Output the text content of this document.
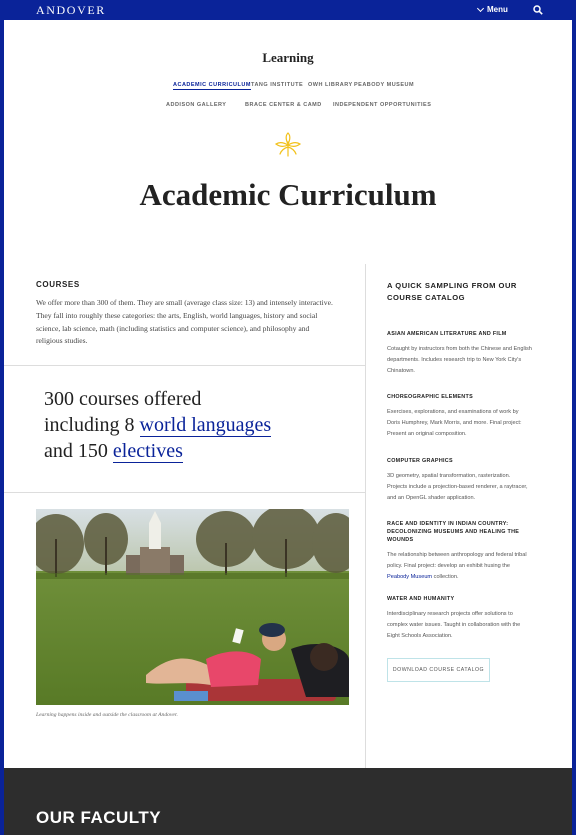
ANDOVER	Menu
Learning
ACADEMIC CURRICULUM TANG INSTITUTE OWH LIBRARY PEABODY MUSEUM
ADDISON GALLERY	BRACE CENTER & CAMD INDEPENDENT OPPORTUNITIES
Academic Curriculum
COURSES

We offer more than 300 of them. They are small (average class size: 13) and intensely interactive. They fall into roughly these categories: the arts, English, world languages, history and social science, lab science, math (including statistics and computer science), and philosophy and religious studies.

300 courses offered
including 8 world languages
and 150 electives
Learning happens inside and outside the classroom at Andover.
A QUICK SAMPLING FROM OUR COURSE CATALOG
ASIAN AMERICAN LITERATURE AND FILM

Cotaught by instructors from both the Chinese and English departments. Includes research trip to New York City's Chinatown.

CHOREOGRAPHIC ELEMENTS

Exercises, explorations, and examinations of work by Doris Humphrey, Mark Morris, and more. Final project: Present an original composition.

COMPUTER GRAPHICS

3D geometry, spatial transformation, rasterization. Projects include a projection-based renderer, a raytracer, and an OpenGL shader application.

RACE AND IDENTITY IN INDIAN COUNTRY: DECOLONIZING MUSEUMS AND HEALING THE WOUNDS

The relationship between anthropology and federal tribal policy. Final project: develop an exhibit husing the Peabody Museum collection.

WATER AND HUMANITY

Interdisciplinary research projects offer solutions to complex water issues. Taught in collaboration with the Eight Schools Association.

DOWNLOAD COURSE CATALOG
OUR FACULTY
